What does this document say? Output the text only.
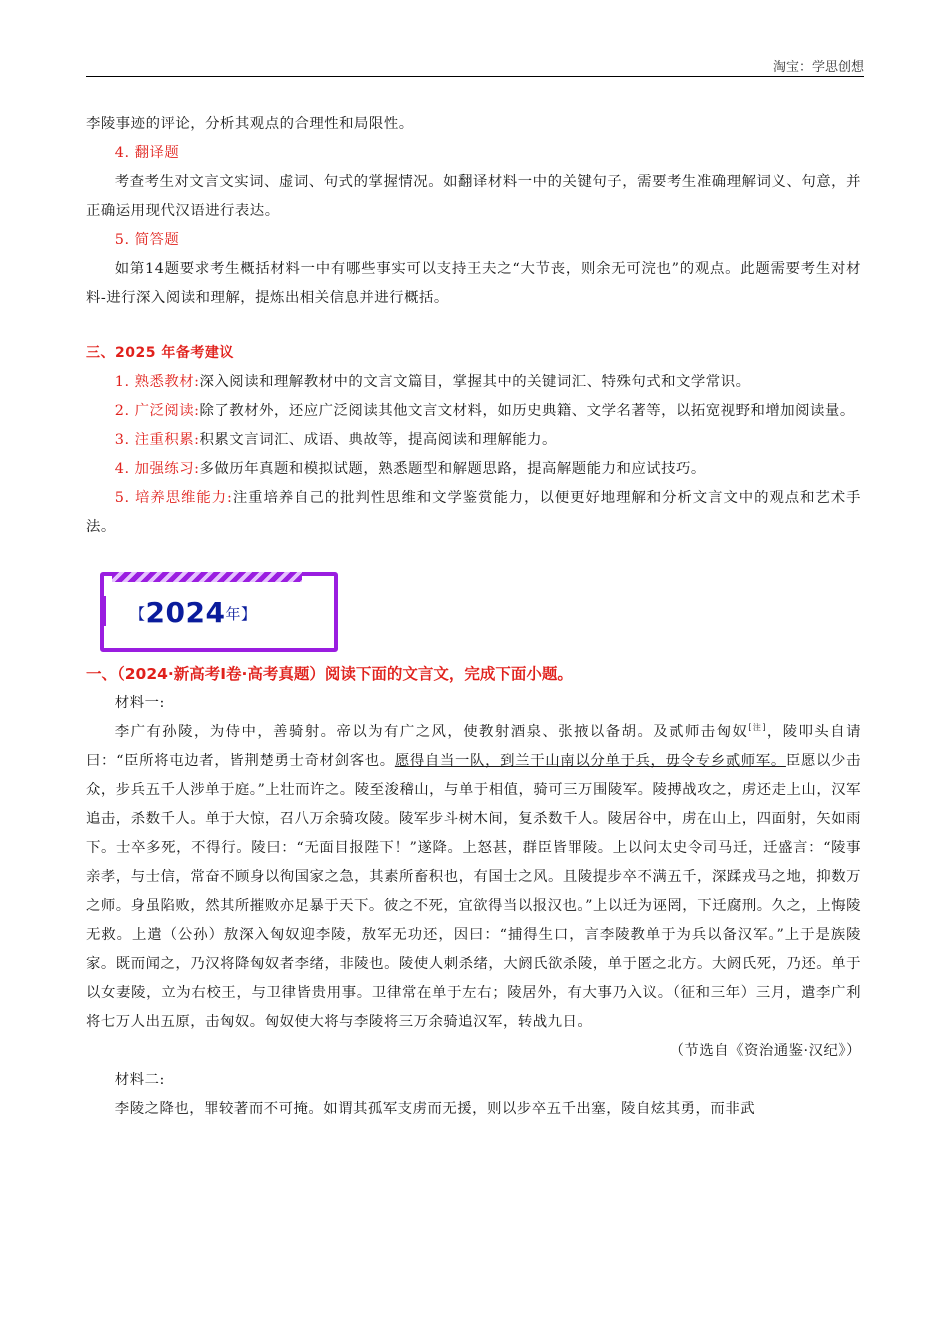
淘宝：学思创想

李陵事迹的评论，分析其观点的合理性和局限性。

4. 翻译题

考查考生对文言文实词、虚词、句式的掌握情况。如翻译材料一中的关键句子，需要考生准确理解词义、句意，并正确运用现代汉语进行表达。

5. 简答题

如第14题要求考生概括材料一中有哪些事实可以支持王夫之“大节丧，则余无可浣也”的观点。此题需要考生对材料-进行深入阅读和理解，提炼出相关信息并进行概括。

三、2025 年备考建议

1. 熟悉教材:深入阅读和理解教材中的文言文篇目，掌握其中的关键词汇、特殊句式和文学常识。

2. 广泛阅读:除了教材外，还应广泛阅读其他文言文材料，如历史典籍、文学名著等，以拓宽视野和增加阅读量。

3. 注重积累:积累文言词汇、成语、典故等，提高阅读和理解能力。

4. 加强练习:多做历年真题和模拟试题，熟悉题型和解题思路，提高解题能力和应试技巧。

5. 培养思维能力:注重培养自己的批判性思维和文学鉴赏能力，以便更好地理解和分析文言文中的观点和艺术手法。

【2024年】

一、（2024·新高考Ⅰ卷·高考真题）阅读下面的文言文，完成下面小题。

材料一:

李广有孙陵，为侍中，善骑射。帝以为有广之风，使教射酒泉、张掖以备胡。及贰师击匈奴[注]，陵叩头自请曰：“臣所将屯边者，皆荆楚勇士奇材剑客也。愿得自当一队，到兰干山南以分单于兵，毋令专乡贰师军。臣愿以少击众，步兵五千人涉单于庭。”上壮而许之。陵至浚稽山，与单于相值，骑可三万围陵军。陵搏战攻之，虏还走上山，汉军追击，杀数千人。单于大惊，召八万余骑攻陵。陵军步斗树木间，复杀数千人。陵居谷中，虏在山上，四面射，矢如雨下。士卒多死，不得行。陵曰：“无面目报陛下！”遂降。上怒甚，群臣皆罪陵。上以问太史令司马迁，迁盛言：“陵事亲孝，与士信，常奋不顾身以徇国家之急，其素所畜积也，有国士之风。且陵提步卒不满五千，深蹂戎马之地，抑数万之师。身虽陷败，然其所摧败亦足暴于天下。彼之不死，宜欲得当以报汉也。”上以迁为诬罔，下迁腐刑。久之，上悔陵无救。上遣（公孙）敖深入匈奴迎李陵，敖军无功还，因曰：“捕得生口，言李陵教单于为兵以备汉军。”上于是族陵家。既而闻之，乃汉将降匈奴者李绪，非陵也。陵使人刺杀绪，大阏氏欲杀陵，单于匿之北方。大阏氏死，乃还。单于以女妻陵，立为右校王，与卫律皆贵用事。卫律常在单于左右；陵居外，有大事乃入议。（征和三年）三月，遣李广利将七万人出五原，击匈奴。匈奴使大将与李陵将三万余骑追汉军，转战九日。

（节选自《资治通鉴·汉纪》）

材料二:

李陵之降也，罪较著而不可掩。如谓其孤军支虏而无援，则以步卒五千出塞，陵自炫其勇，而非武
